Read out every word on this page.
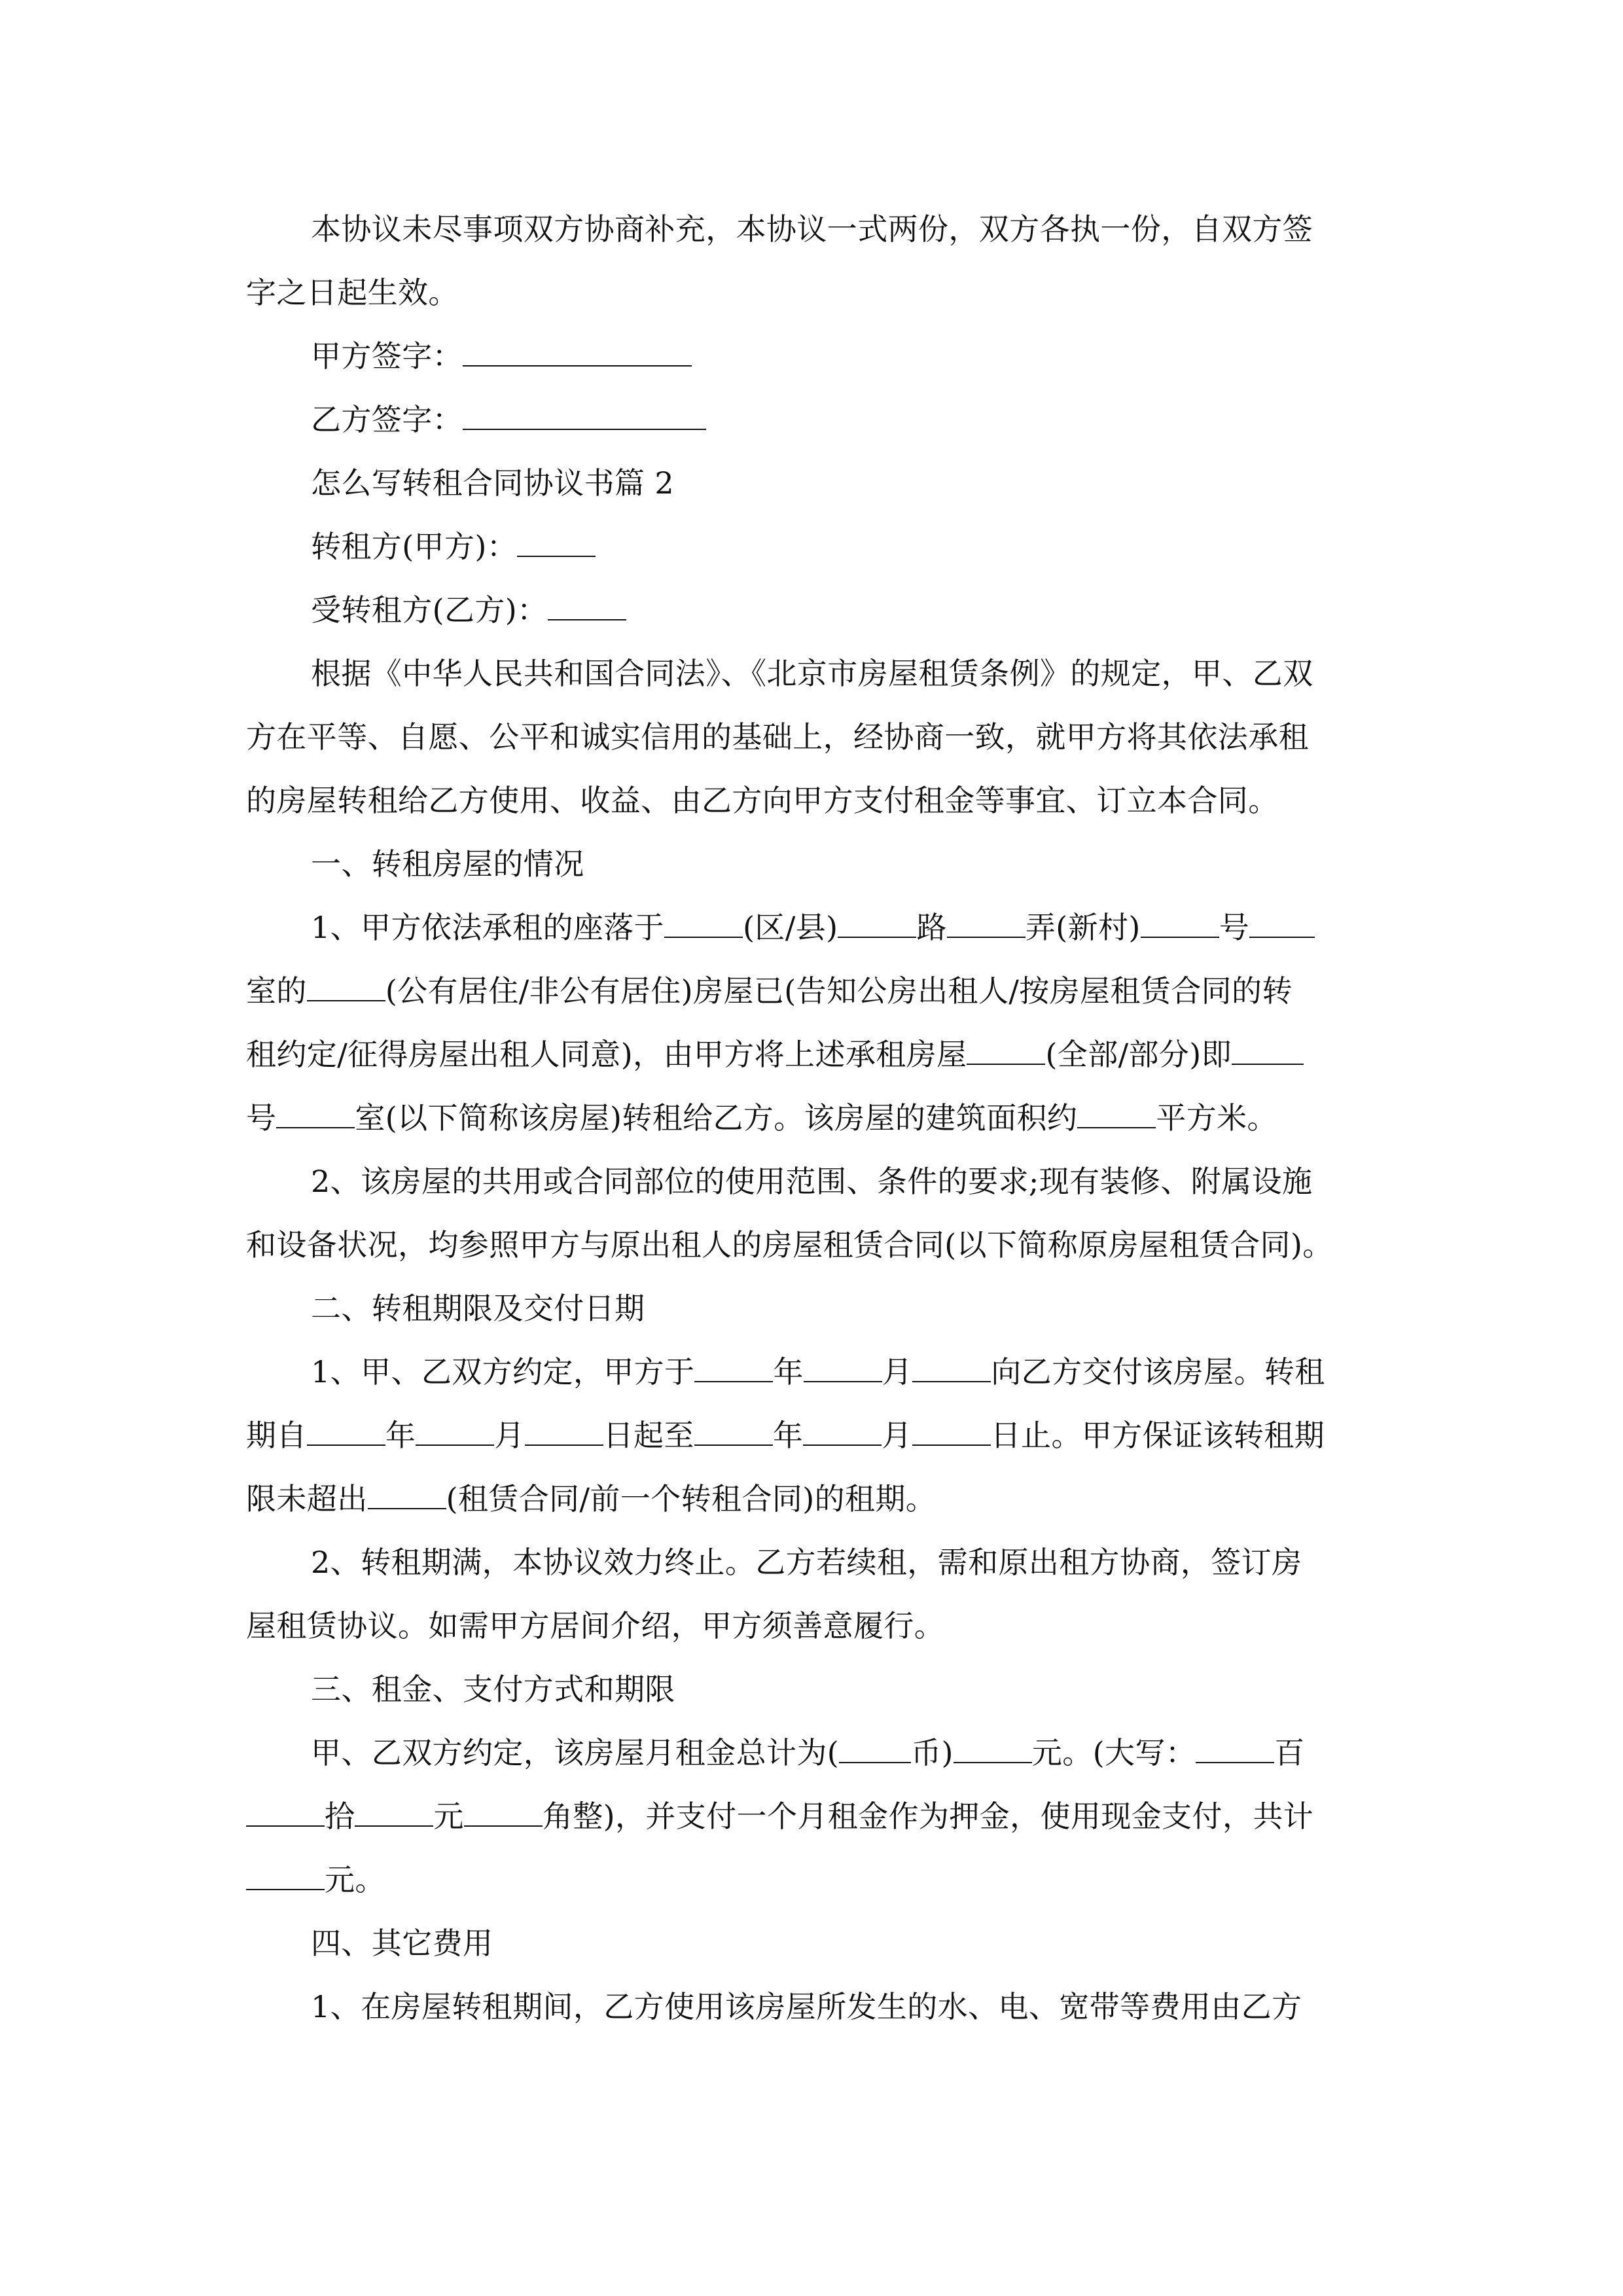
本协议未尽事项双方协商补充，本协议一式两份，双方各执一份，自双方签
字之日起生效。
甲方签字：
乙方签字：
怎么写转租合同协议书篇 2
转租方(甲方)：
受转租方(乙方)：
根据《中华人民共和国合同法》、《北京市房屋租赁条例》的规定，甲、乙双
方在平等、自愿、公平和诚实信用的基础上，经协商一致，就甲方将其依法承租
的房屋转租给乙方使用、收益、由乙方向甲方支付租金等事宜、订立本合同。
一、转租房屋的情况
1、甲方依法承租的座落于	(区/县)	路	弄(新村)	号
室的	(公有居住/非公有居住)房屋已(告知公房出租人/按房屋租赁合同的转
租约定/征得房屋出租人同意)，由甲方将上述承租房屋	(全部/部分)即
号	室(以下简称该房屋)转租给乙方。该房屋的建筑面积约	平方米。
2、该房屋的共用或合同部位的使用范围、条件的要求;现有装修、附属设施
和设备状况，均参照甲方与原出租人的房屋租赁合同(以下简称原房屋租赁合同)。
二、转租期限及交付日期
1、甲、乙双方约定，甲方于	年	月	向乙方交付该房屋。转租
期自	年	月	日起至	年	月	日止。甲方保证该转租期
限未超出	(租赁合同/前一个转租合同)的租期。
2、转租期满，本协议效力终止。乙方若续租，需和原出租方协商，签订房
屋租赁协议。如需甲方居间介绍，甲方须善意履行。
三、租金、支付方式和期限
甲、乙双方约定，该房屋月租金总计为( 币)	元。(大写：	百
拾	元	角整)，并支付一个月租金作为押金，使用现金支付，共计
元。
四、其它费用
1、在房屋转租期间，乙方使用该房屋所发生的水、电、宽带等费用由乙方
